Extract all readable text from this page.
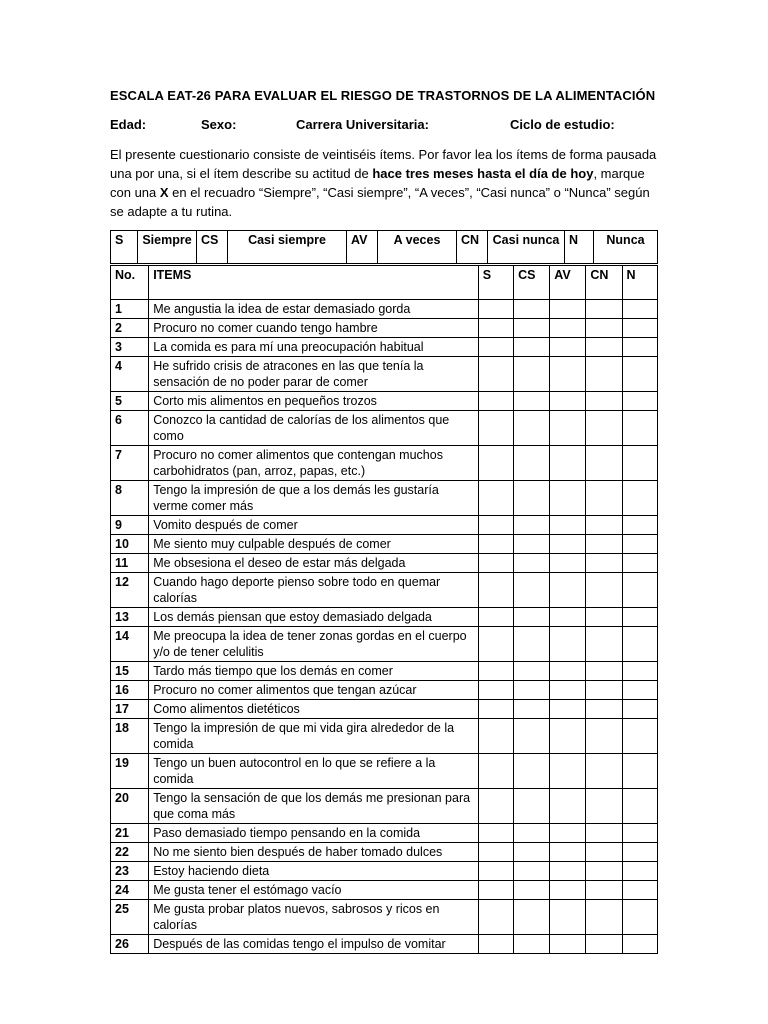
ESCALA EAT-26 PARA EVALUAR EL RIESGO DE TRASTORNOS DE LA ALIMENTACIÓN
Edad:	Sexo:	Carrera Universitaria:	Ciclo de estudio:
El presente cuestionario consiste de veintiséis ítems. Por favor lea los ítems de forma pausada una por una, si el ítem describe su actitud de hace tres meses hasta el día de hoy, marque con una X en el recuadro “Siempre”, “Casi siempre”, “A veces”, “Casi nunca” o “Nunca” según se adapte a tu rutina.
S	Siempre	CS	Casi siempre	AV	A veces	CN	Casi nunca	N	Nunca
No.	ITEMS	S	CS	AV	CN	N
1	Me angustia la idea de estar demasiado gorda					
2	Procuro no comer cuando tengo hambre					
3	La comida es para mí una preocupación habitual					
4	He sufrido crisis de atracones en las que tenía la sensación de no poder parar de comer					
5	Corto mis alimentos en pequeños trozos					
6	Conozco la cantidad de calorías de los alimentos que como					
7	Procuro no comer alimentos que contengan muchos carbohidratos (pan, arroz, papas, etc.)					
8	Tengo la impresión de que a los demás les gustaría verme comer más					
9	Vomito después de comer					
10	Me siento muy culpable después de comer					
11	Me obsesiona el deseo de estar más delgada					
12	Cuando hago deporte pienso sobre todo en quemar calorías					
13	Los demás piensan que estoy demasiado delgada					
14	Me preocupa la idea de tener zonas gordas en el cuerpo y/o de tener celulitis					
15	Tardo más tiempo que los demás en comer					
16	Procuro no comer alimentos que tengan azúcar					
17	Como alimentos dietéticos					
18	Tengo la impresión de que mi vida gira alrededor de la comida					
19	Tengo un buen autocontrol en lo que se refiere a la comida					
20	Tengo la sensación de que los demás me presionan para que coma más					
21	Paso demasiado tiempo pensando en la comida					
22	No me siento bien después de haber tomado dulces					
23	Estoy haciendo dieta					
24	Me gusta tener el estómago vacío					
25	Me gusta probar platos nuevos, sabrosos y ricos en calorías					
26	Después de las comidas tengo el impulso de vomitar					
